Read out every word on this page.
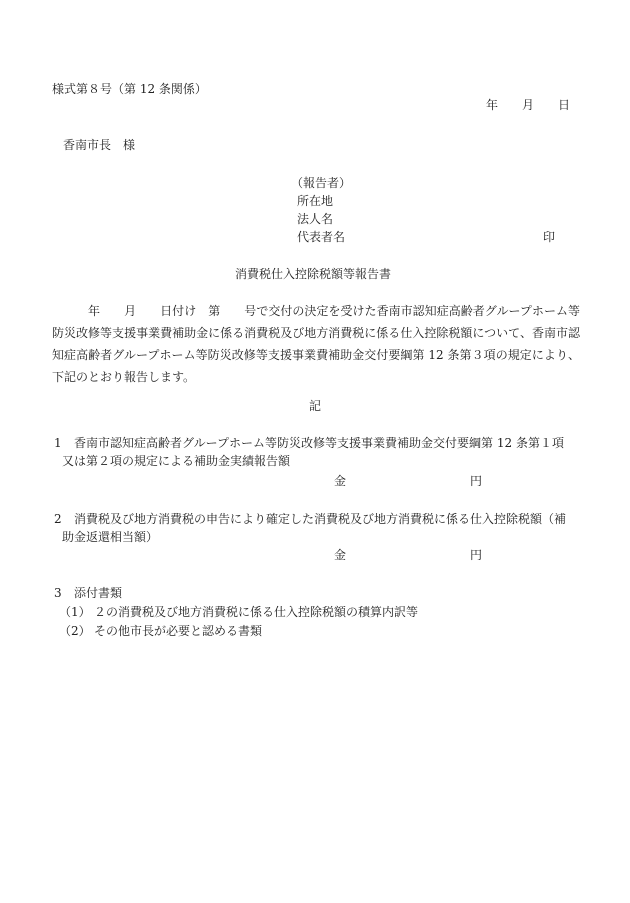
様式第８号（第 12 条関係）
年　　月　　日
香南市長　様
（報告者）
所在地
法人名
代表者名	印
消費税仕入控除税額等報告書
年　　月　　日付け　第　　号で交付の決定を受けた香南市認知症高齢者グループホーム等防災改修等支援事業費補助金に係る消費税及び地方消費税に係る仕入控除税額について、香南市認知症高齢者グループホーム等防災改修等支援事業費補助金交付要綱第 12 条第３項の規定により、下記のとおり報告します。
記
1 香南市認知症高齢者グループホーム等防災改修等支援事業費補助金交付要綱第 12 条第１項
又は第２項の規定による補助金実績報告額
金	円
2 消費税及び地方消費税の申告により確定した消費税及び地方消費税に係る仕入控除税額（補
助金返還相当額）
金	円
3 添付書類
（1） ２の消費税及び地方消費税に係る仕入控除税額の積算内訳等
（2） その他市長が必要と認める書類
